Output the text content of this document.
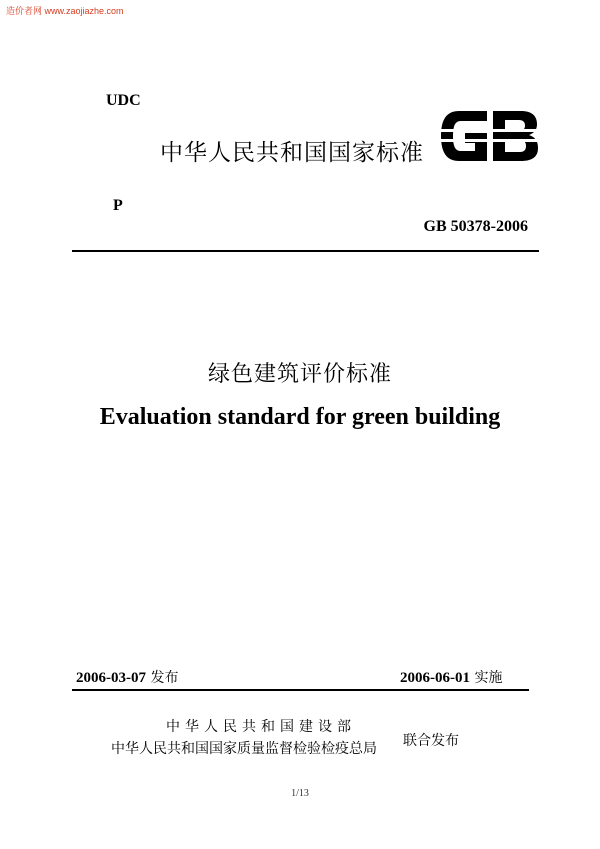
造价者网 www.zaojiazhe.com
UDC
中华人民共和国国家标准
P
GB 50378-2006
绿色建筑评价标准
Evaluation standard for green building
2006-03-07 发布	2006-06-01 实施
中华人民共和国建设部
中华人民共和国国家质量监督检验检疫总局 联合发布
1/13
